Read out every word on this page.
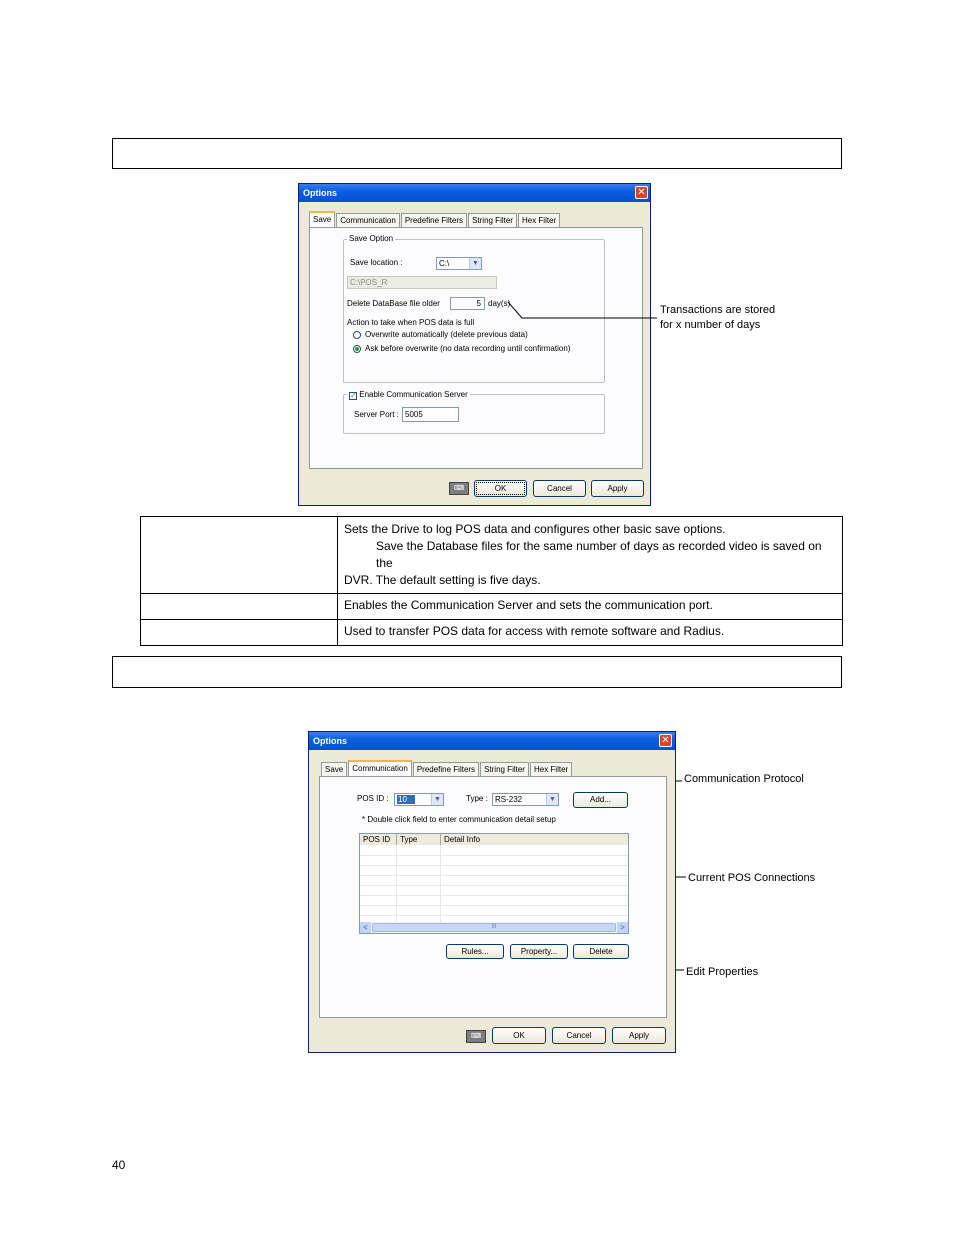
Options	✕
Save	Communication	Predefine Filters	String Filter	Hex Filter
Save Option
Save location :	C:\	▼
C:\POS_R
Delete DataBase file older	5 day(s)
Action to take when POS data is full
Overwrite automatically (delete previous data)
Ask before overwrite (no data recording until confirmation)
✓ Enable Communication Server
Server Port : 5005
⌨	OK	Cancel	Apply
Transactions are stored
for x number of days

	Sets the Drive to log POS data and configures other basic save options.
Save the Database files for the same number of days as recorded video is saved on the
DVR. The default setting is five days.

	Enables the Communication Server and sets the communication port.
	Used to transfer POS data for access with remote software and Radius.
Options	✕
Save	Communication	Predefine Filters	String Filter	Hex Filter
POS ID :	10	▼	Type : RS-232	▼	Add...
* Double click field to enter communication detail setup
POS ID	Type	Detail Info
<	III	>
Rules...	Property...	Delete
⌨	OK	Cancel	Apply
Communication Protocol
Current POS Connections
Edit Properties
40
